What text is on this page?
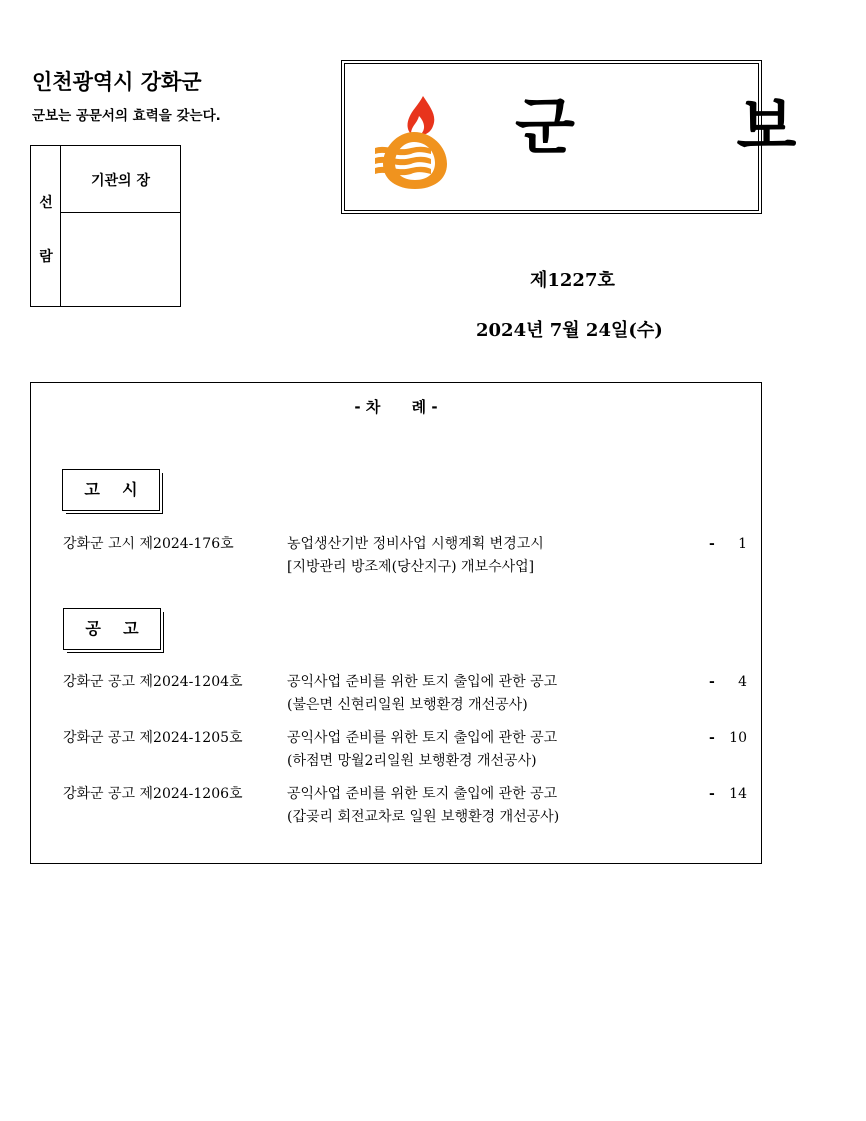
인천광역시 강화군
군보는 공문서의 효력을 갖는다.
선
람
기관의 장
군 보
제1227호
2024년 7월 24일(수)
- 차      례 -
고    시
강화군 고시 제2024-176호	농업생산기반 정비사업 시행계획 변경고시
[지방관리 방조제(당산지구) 개보수사업]
- 1
공    고
강화군 공고 제2024-1204호	공익사업 준비를 위한 토지 출입에 관한 공고
(불은면 신현리일원 보행환경 개선공사)
- 4
강화군 공고 제2024-1205호	공익사업 준비를 위한 토지 출입에 관한 공고
(하점면 망월2리일원 보행환경 개선공사)
- 10
강화군 공고 제2024-1206호	공익사업 준비를 위한 토지 출입에 관한 공고
(갑곶리 회전교차로 일원 보행환경 개선공사)
- 14
